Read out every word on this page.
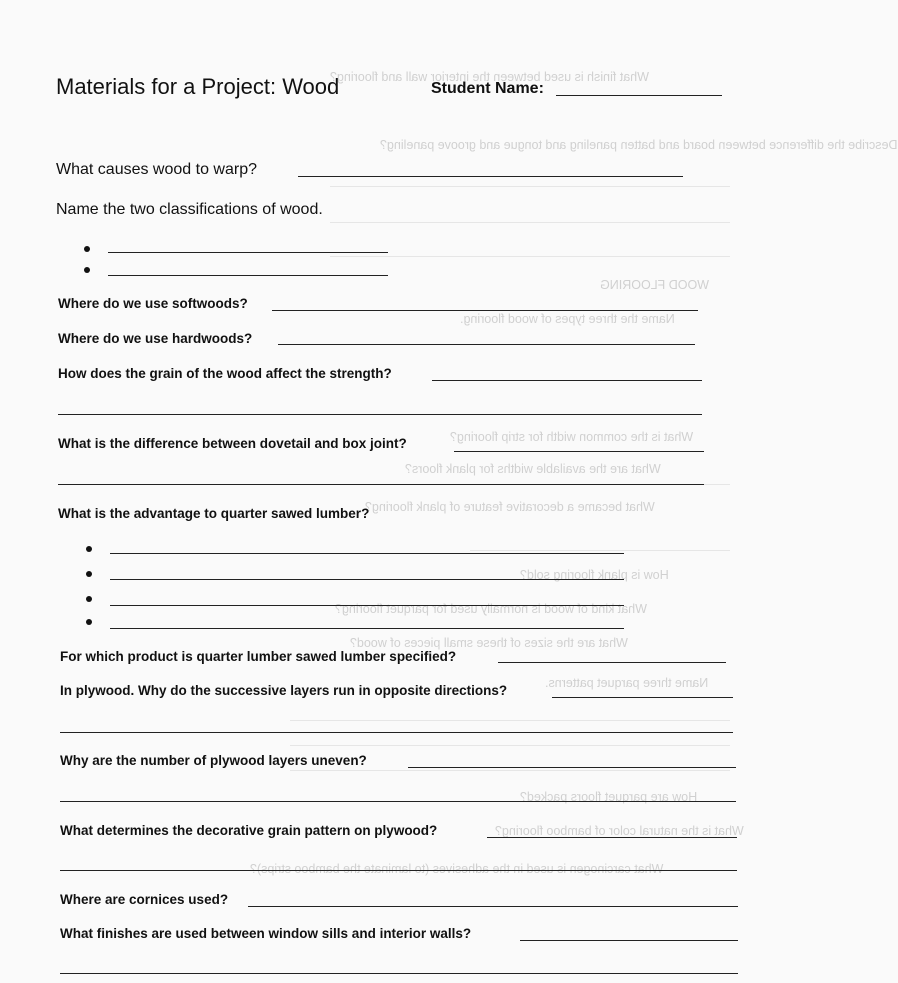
What finish is used between the interior wall and flooring?
Describe the difference between board and batten paneling and tongue and groove paneling?
WOOD FLOORING
Name the three types of wood flooring.
What is the common width for strip flooring?
What are the available widths for plank floors?
What became a decorative feature of plank flooring?
How is plank flooring sold?
What kind of wood is normally used for parquet flooring?
What are the sizes of these small pieces of wood?
Name three parquet patterns.
How are parquet floors packed?
What is the natural color of bamboo flooring?
What carcinogen is used in the adhesives (to laminate the bamboo strips)?
Materials for a Project: Wood	Student Name:
What causes wood to warp?
Name the two classifications of wood.
Where do we use softwoods?
Where do we use hardwoods?
How does the grain of the wood affect the strength?
What is the difference between dovetail and box joint?
What is the advantage to quarter sawed lumber?
For which product is quarter lumber sawed lumber specified?
In plywood. Why do the successive layers run in opposite directions?
Why are the number of plywood layers uneven?
What determines the decorative grain pattern on plywood?
Where are cornices used?
What finishes are used between window sills and interior walls?
